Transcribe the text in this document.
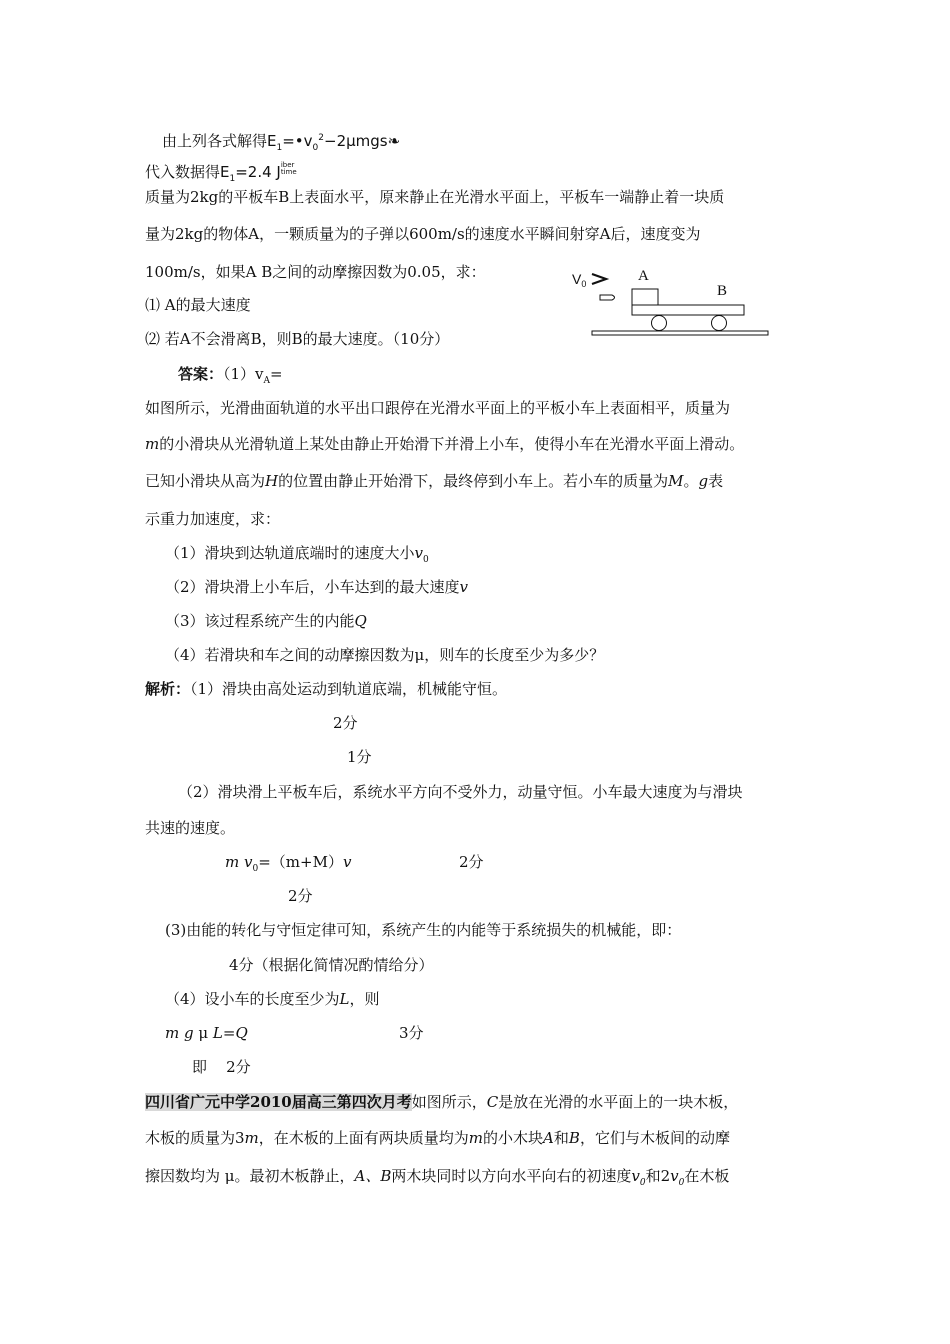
由上列各式解得$E_1=•v_0^2-2\mu mgs❧$
代入数据得$E_1=2.4$ Jiber
time
质量为2kg的平板车B上表面水平，原来静止在光滑水平面上，平板车一端静止着一块质
量为2kg的物体A，一颗质量为的子弹以600m/s的速度水平瞬间射穿A后，速度变为
100m/s，如果A B之间的动摩擦因数为0.05，求：
⑴ A的最大速度
⑵ 若A不会滑离B，则B的最大速度。（10分）
答案：$(1)v_A=$
$V_0$	A
B
如图所示，光滑曲面轨道的水平出口跟停在光滑水平面上的平板小车上表面相平，质量为
m的小滑块从光滑轨道上某处由静止开始滑下并滑上小车，使得小车在光滑水平面上滑动。
已知小滑块从高为H的位置由静止开始滑下，最终停到小车上。若小车的质量为M。g表
示重力加速度，求：
（1）滑块到达轨道底端时的速度大小$v_0$
（2）滑块滑上小车后，小车达到的最大速度v
（3）该过程系统产生的内能Q
（4）若滑块和车之间的动摩擦因数为μ，则车的长度至少为多少？
解析：（1）滑块由高处运动到轨道底端，机械能守恒。
2分
1分
（2）滑块滑上平板车后，系统水平方向不受外力，动量守恒。小车最大速度为与滑块
共速的速度。
m $v_0=(m+M)v$	2分
2分
(3)由能的转化与守恒定律可知，系统产生的内能等于系统损失的机械能，即：
4分（根据化简情况酌情给分）
（4）设小车的长度至少为L，则
m g μ L=Q	3分
即 2分
四川省广元中学2010届高三第四次月考如图所示，C是放在光滑的水平面上的一块木板，
木板的质量为3m，在木板的上面有两块质量均为m的小木块A和B，它们与木板间的动摩
擦因数均为 μ。最初木板静止，A、B两木块同时以方向水平向右的初速度$v_0$和$2v_0$在木板
